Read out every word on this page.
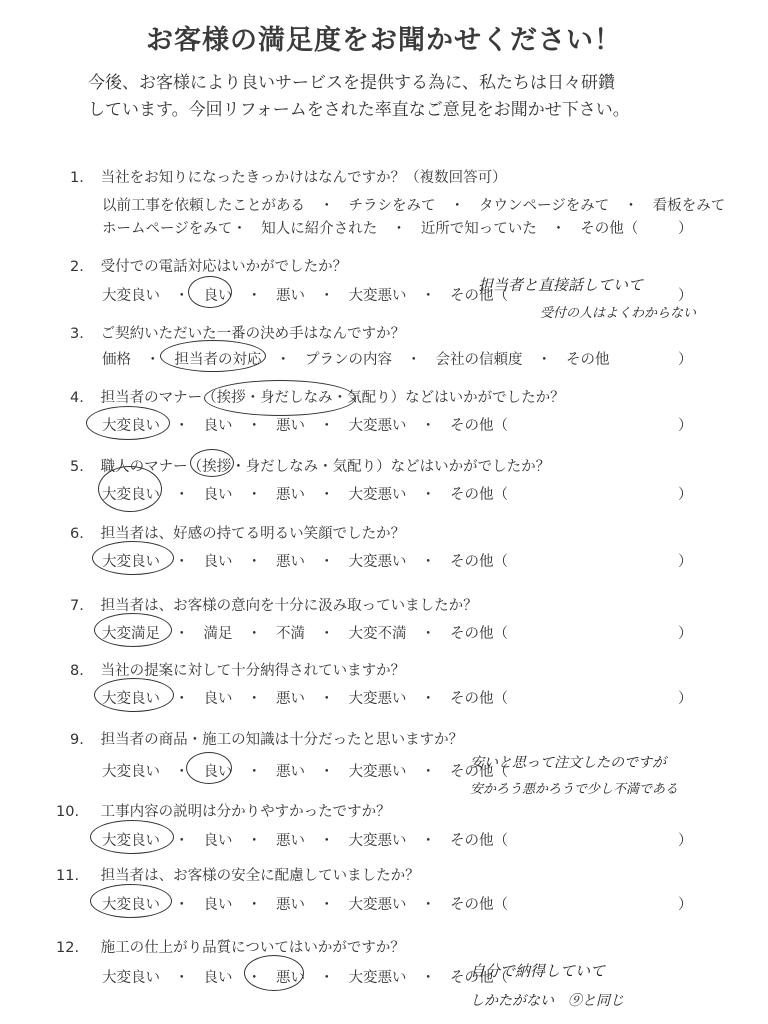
お客様の満足度をお聞かせください！
今後、お客様により良いサービスを提供する為に、私たちは日々研鑽
しています。今回リフォームをされた率直なご意見をお聞かせ下さい。
1. 当社をお知りになったきっかけはなんですか？（複数回答可）
以前工事を依頼したことがある　・　チラシをみて　・　タウンページをみて　・　看板をみて
ホームページをみて・　知人に紹介された　・　近所で知っていた　・　その他（	）
2. 受付での電話対応はいかがでしたか？
大変良い　・　良い　・　悪い　・　大変悪い　・　その他（	）
担当者と直接話していて
受付の人はよくわからない
3. ご契約いただいた一番の決め手はなんですか？
価格　・　担当者の対応　・　プランの内容　・　会社の信頼度　・　その他	）
4. 担当者のマナー（挨拶・身だしなみ・気配り）などはいかがでしたか？
大変良い　・　良い　・　悪い　・　大変悪い　・　その他（	）
5. 職人のマナー（挨拶・身だしなみ・気配り）などはいかがでしたか？
大変良い　・　良い　・　悪い　・　大変悪い　・　その他（	）
6. 担当者は、好感の持てる明るい笑顔でしたか？
大変良い　・　良い　・　悪い　・　大変悪い　・　その他（	）
7. 担当者は、お客様の意向を十分に汲み取っていましたか？
大変満足　・　満足　・　不満　・　大変不満　・　その他（	）
8. 当社の提案に対して十分納得されていますか？
大変良い　・　良い　・　悪い　・　大変悪い　・　その他（	）
9. 担当者の商品・施工の知識は十分だったと思いますか？
大変良い　・　良い　・　悪い　・　大変悪い　・　その他（
安いと思って注文したのですが
安かろう悪かろうで少し不満である
10. 工事内容の説明は分かりやすかったですか？
大変良い　・　良い　・　悪い　・　大変悪い　・　その他（	）
11. 担当者は、お客様の安全に配慮していましたか？
大変良い　・　良い　・　悪い　・　大変悪い　・　その他（	）
12. 施工の仕上がり品質についてはいかがですか？
大変良い　・　良い　・　悪い　・　大変悪い　・　その他（
自分で納得していて
しかたがない　⑨と同じ
